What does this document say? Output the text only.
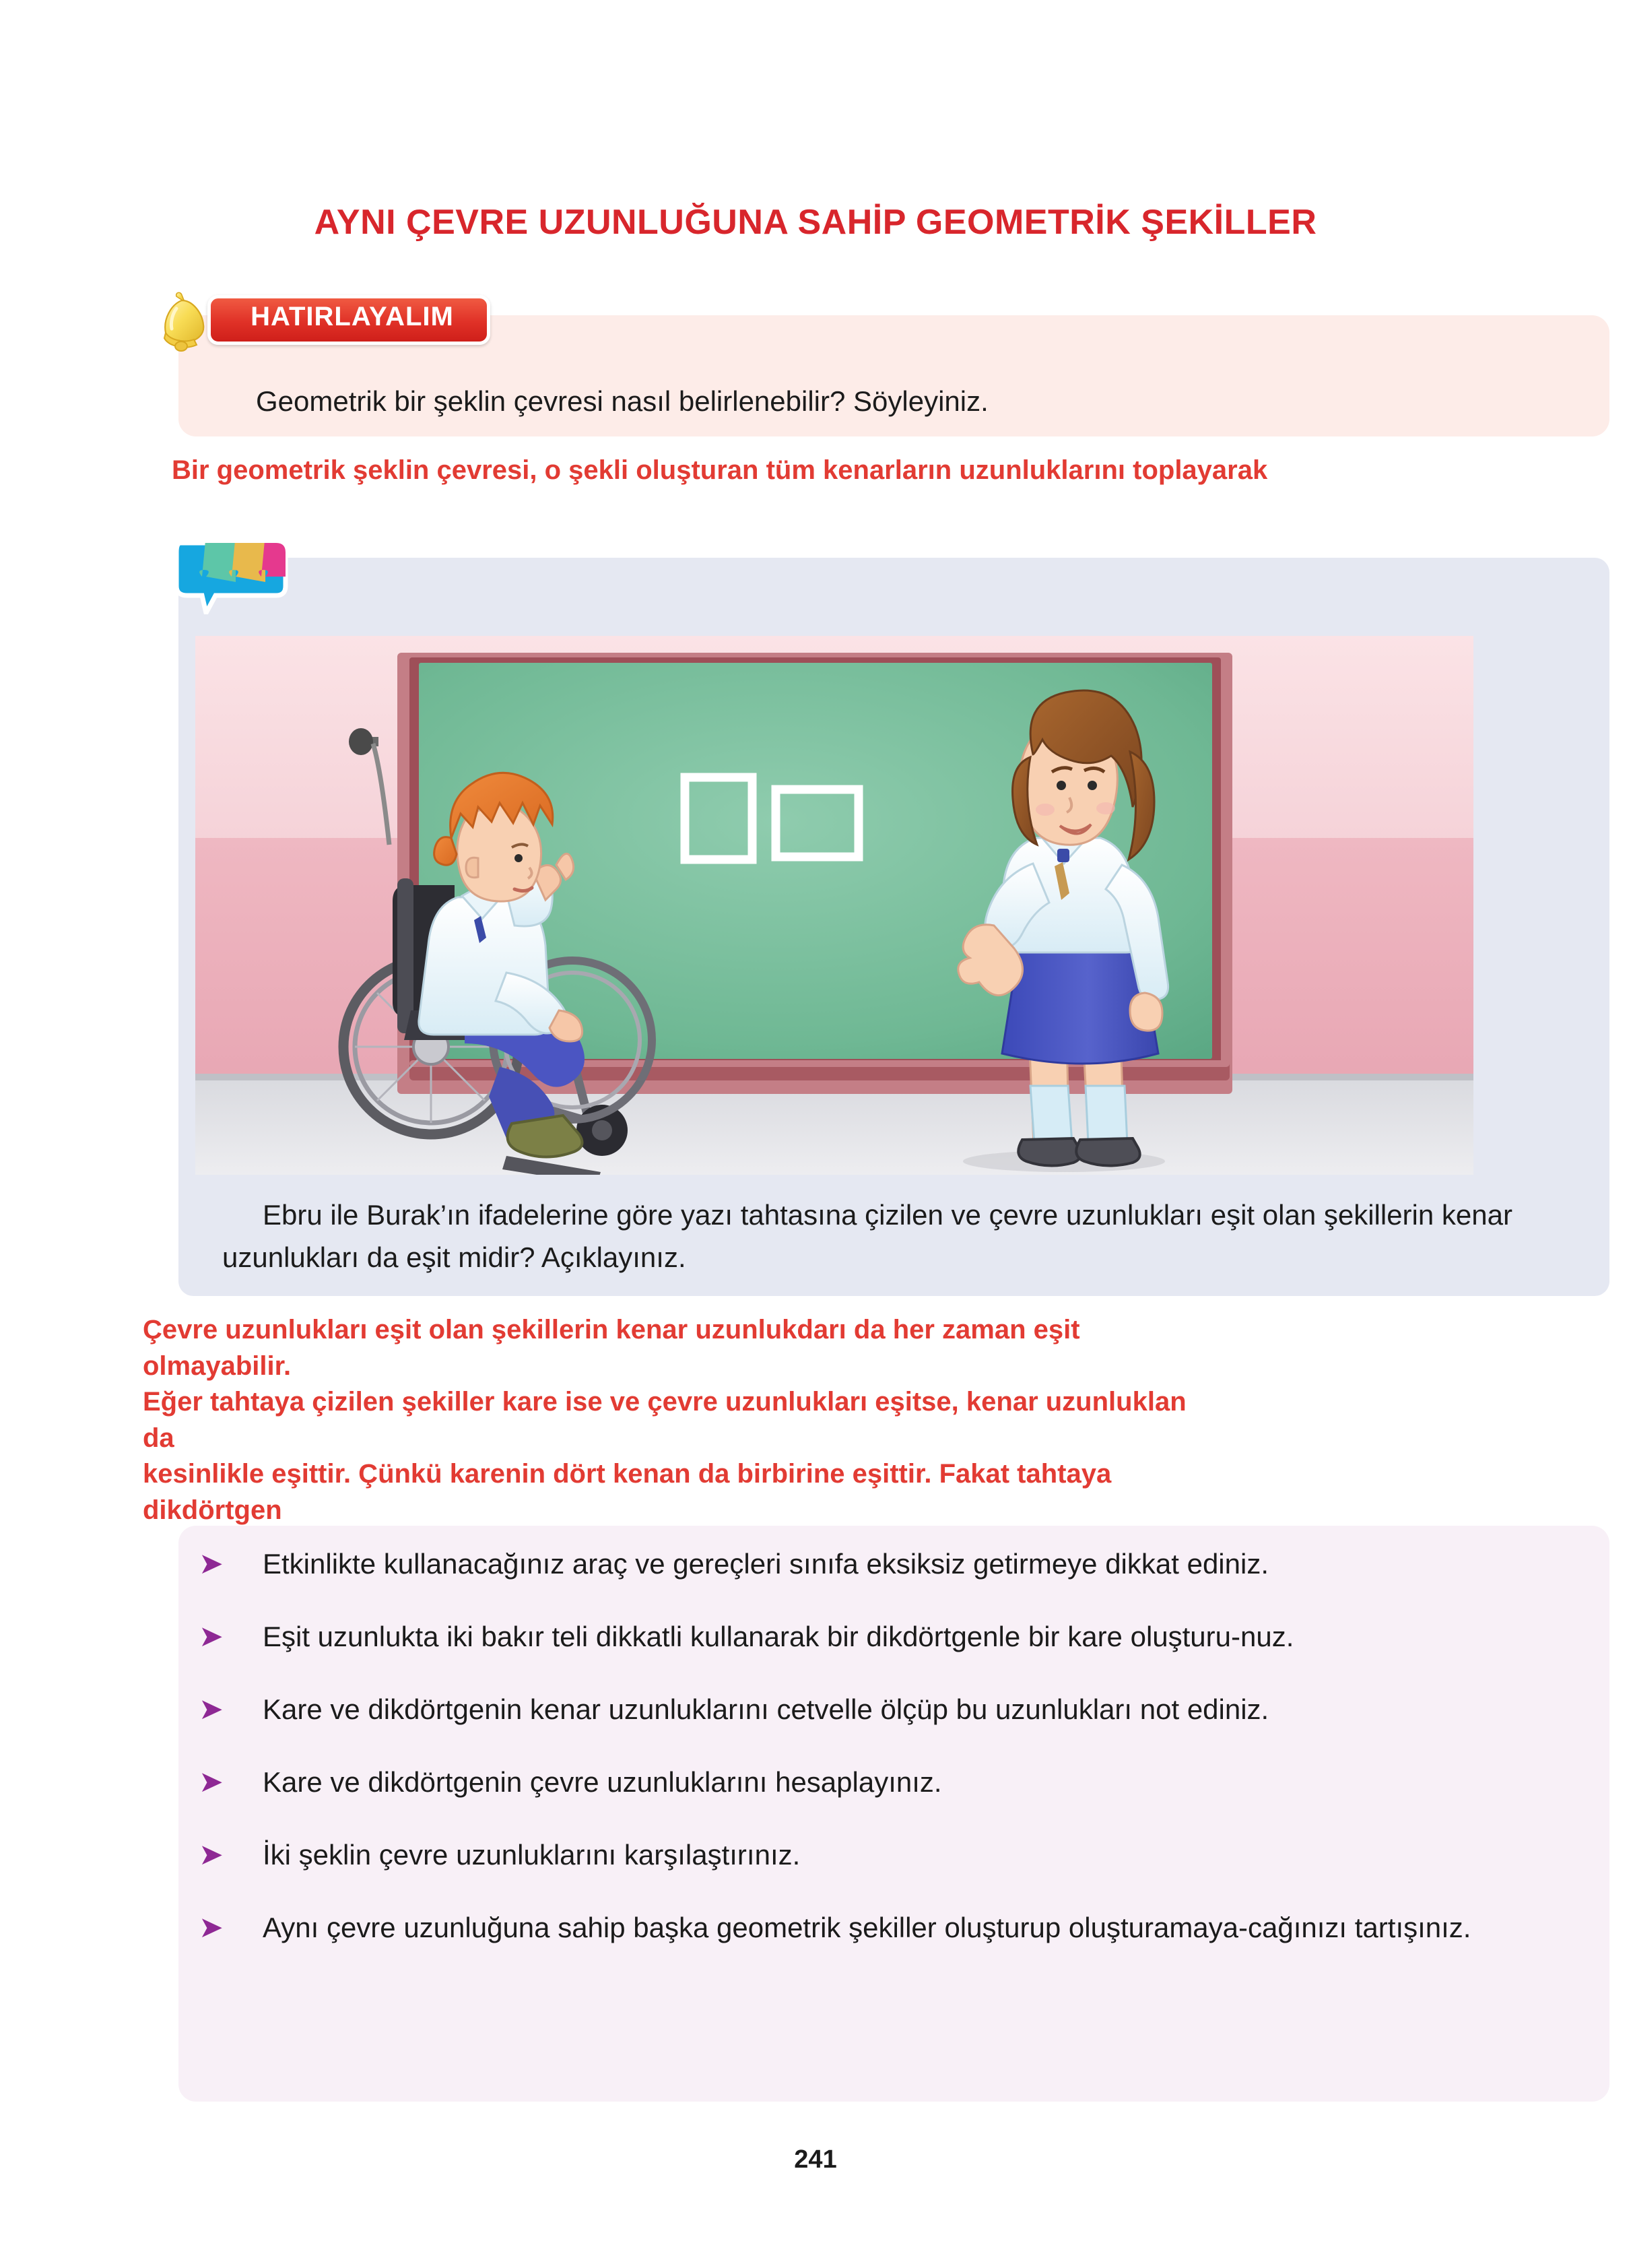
AYNI ÇEVRE UZUNLUĞUNA SAHİP GEOMETRİK ŞEKİLLER
HATIRLAYALIM

Geometrik bir şeklin çevresi nasıl belirlenebilir? Söyleyiniz.

Bir geometrik şeklin çevresi, o şekli oluşturan tüm kenarların uzunluklarını toplayarak

Ebru ile Burak’ın ifadelerine göre yazı tahtasına çizilen ve çevre uzunlukları eşit olan şekillerin kenar uzunlukları da eşit midir? Açıklayınız.

Çevre uzunlukları eşit olan şekillerin kenar uzunlukdarı da her zaman eşit
olmayabilir.
Eğer tahtaya çizilen şekiller kare ise ve çevre uzunlukları eşitse, kenar uzunluklan
da
kesinlikle eşittir. Çünkü karenin dört kenan da birbirine eşittir. Fakat tahtaya
dikdörtgen
➤ Etkinlikte kullanacağınız araç ve gereçleri sınıfa eksiksiz getirmeye dikkat ediniz.
➤ Eşit uzunlukta iki bakır teli dikkatli kullanarak bir dikdörtgenle bir kare oluşturu-nuz.
➤ Kare ve dikdörtgenin kenar uzunluklarını cetvelle ölçüp bu uzunlukları not ediniz.
➤ Kare ve dikdörtgenin çevre uzunluklarını hesaplayınız.
➤ İki şeklin çevre uzunluklarını karşılaştırınız.
➤ Aynı çevre uzunluğuna sahip başka geometrik şekiller oluşturup oluşturamaya-cağınızı tartışınız.
241
